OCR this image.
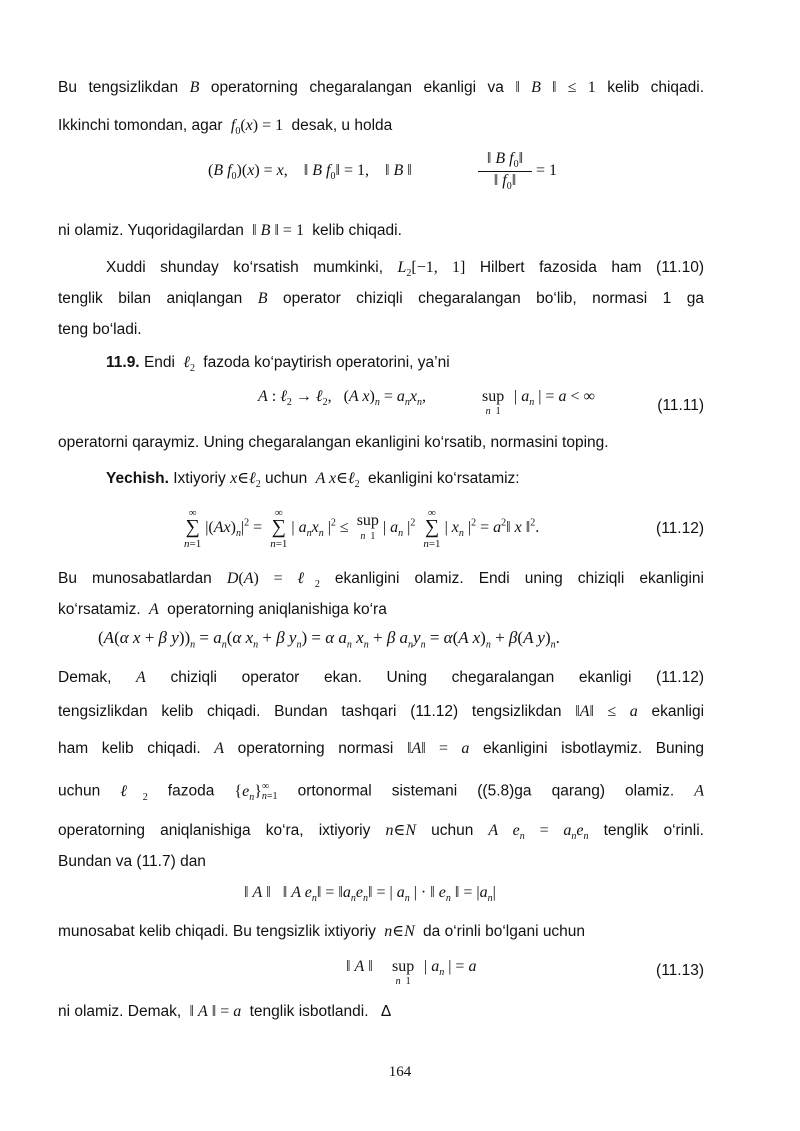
Bu tengsizlikdan B operatorning chegaralangan ekanligi va ‖ B ‖ ≤ 1 kelib chiqadi.
Ikkinchi tomondan, agar $f_0(x) = 1$  desak, u holda
(B $f_0)(x) = x$,    ‖ B $f_0‖ = 1$,    ‖ B ‖
‖ B $f_0‖$
‖ $f_0‖$
= 1
ni olamiz. Yuqoridagilardan  ‖ B ‖ = 1  kelib chiqadi.
Xuddi shunday ko‘rsatish mumkinki, $L_2[-1$, 1] Hilbert fazosida ham (11.10)
tenglik bilan aniqlangan B operator chiziqli chegaralangan bo‘lib, normasi 1 ga
teng bo‘ladi.
11.9. Endi ℓ$_2$ fazoda ko‘paytirish operatorini, ya’ni
A : ℓ$_2$ → ℓ$_2$,   (A $x)_n = a_nx_n$,	sup
n  1
| $a_n$ | = a < ∞
(11.11)
operatorni qaraymiz. Uning chegaralangan ekanligini ko‘rsatib, normasini toping.
Yechish. Ixtiyoriy x∈ℓ$_2$ uchun A x∈ℓ$_2$ ekanligini ko‘rsatamiz:
∞
∑
n=1 $|(Ax)_n|^2$ =  ∞
∑
n=1 | $a_nx_n$ $|^2$ ≤  sup
n  1 | $a_n$ $|^2$  ∞
∑
n=1 | $x_n$ $|^2$ = $a^2‖$ x ‖$^2$.	(11.12)
Bu munosabatlardan D(A) = ℓ$_2$ ekanligini olamiz. Endi uning chiziqli ekanligini
ko‘rsatamiz.  A  operatorning aniqlanishiga ko‘ra
(A(α x + β $y))_n = a_n(\alpha$ $x_n + \beta$ $y_n) = \alpha$ $a_n$ $x_n + \beta$ $a_ny_n = \alpha(A$ $x)_n + \beta(A$ $y)_n$.
Demak, A chiziqli operator ekan. Uning chegaralangan ekanligi (11.12)
tengsizlikdan kelib chiqadi. Bundan tashqari (11.12) tengsizlikdan ‖A‖ ≤ a ekanligi
ham kelib chiqadi. A operatorning normasi ‖A‖ = a ekanligini isbotlaymiz. Buning
uchun ℓ$_2$ fazoda $\{e_n\}\infty$
n=1 ortonormal sistemani ((5.8)ga qarang) olamiz. A
operatorning aniqlanishiga ko‘ra, ixtiyoriy n∈N uchun A $e_n = a_ne_n$ tenglik o‘rinli.
Bundan va (11.7) dan
‖ A ‖   ‖ A $e_n‖$ = $‖a_ne_n‖$ = | $a_n$ | · ‖ $e_n$ ‖ = $|a_n|$
munosabat kelib chiqadi. Bu tengsizlik ixtiyoriy n∈N da o‘rinli bo‘lgani uchun
‖ A ‖ sup
n  1
| $a_n$ | = a	(11.13)
ni olamiz. Demak,  ‖ A ‖ = a tenglik isbotlandi. Δ
164
